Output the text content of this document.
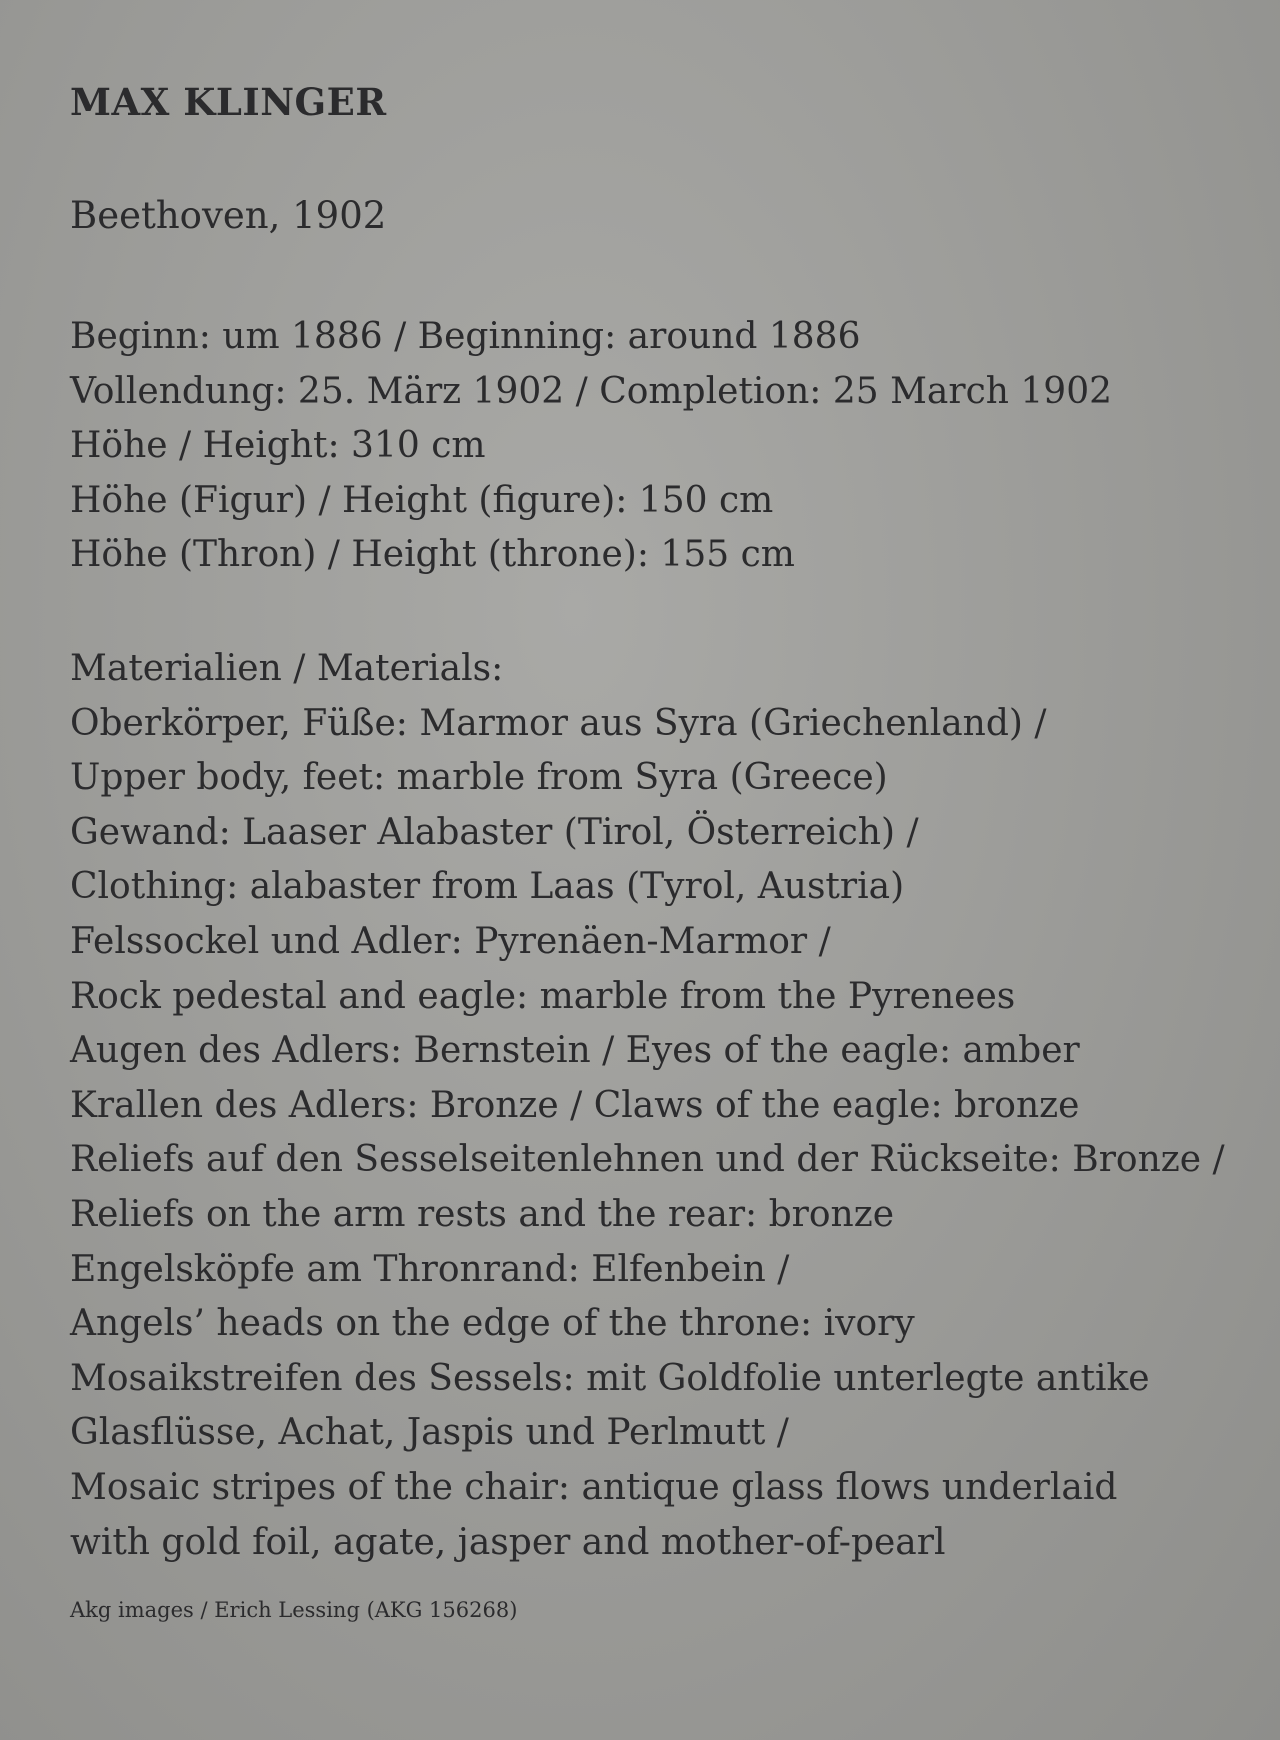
MAX KLINGER
Beethoven, 1902
Beginn: um 1886 / Beginning: around 1886
Vollendung: 25. März 1902 / Completion: 25 March 1902
Höhe / Height: 310 cm
Höhe (Figur) / Height (figure): 150 cm
Höhe (Thron) / Height (throne): 155 cm
Materialien / Materials:
Oberkörper, Füße: Marmor aus Syra (Griechenland) /
Upper body, feet: marble from Syra (Greece)
Gewand: Laaser Alabaster (Tirol, Österreich) /
Clothing: alabaster from Laas (Tyrol, Austria)
Felssockel und Adler: Pyrenäen-Marmor /
Rock pedestal and eagle: marble from the Pyrenees
Augen des Adlers: Bernstein / Eyes of the eagle: amber
Krallen des Adlers: Bronze / Claws of the eagle: bronze
Reliefs auf den Sesselseitenlehnen und der Rückseite: Bronze /
Reliefs on the arm rests and the rear: bronze
Engelsköpfe am Thronrand: Elfenbein /
Angels’ heads on the edge of the throne: ivory
Mosaikstreifen des Sessels: mit Goldfolie unterlegte antike
Glasflüsse, Achat, Jaspis und Perlmutt /
Mosaic stripes of the chair: antique glass flows underlaid
with gold foil, agate, jasper and mother-of-pearl

Akg images / Erich Lessing (AKG 156268)
